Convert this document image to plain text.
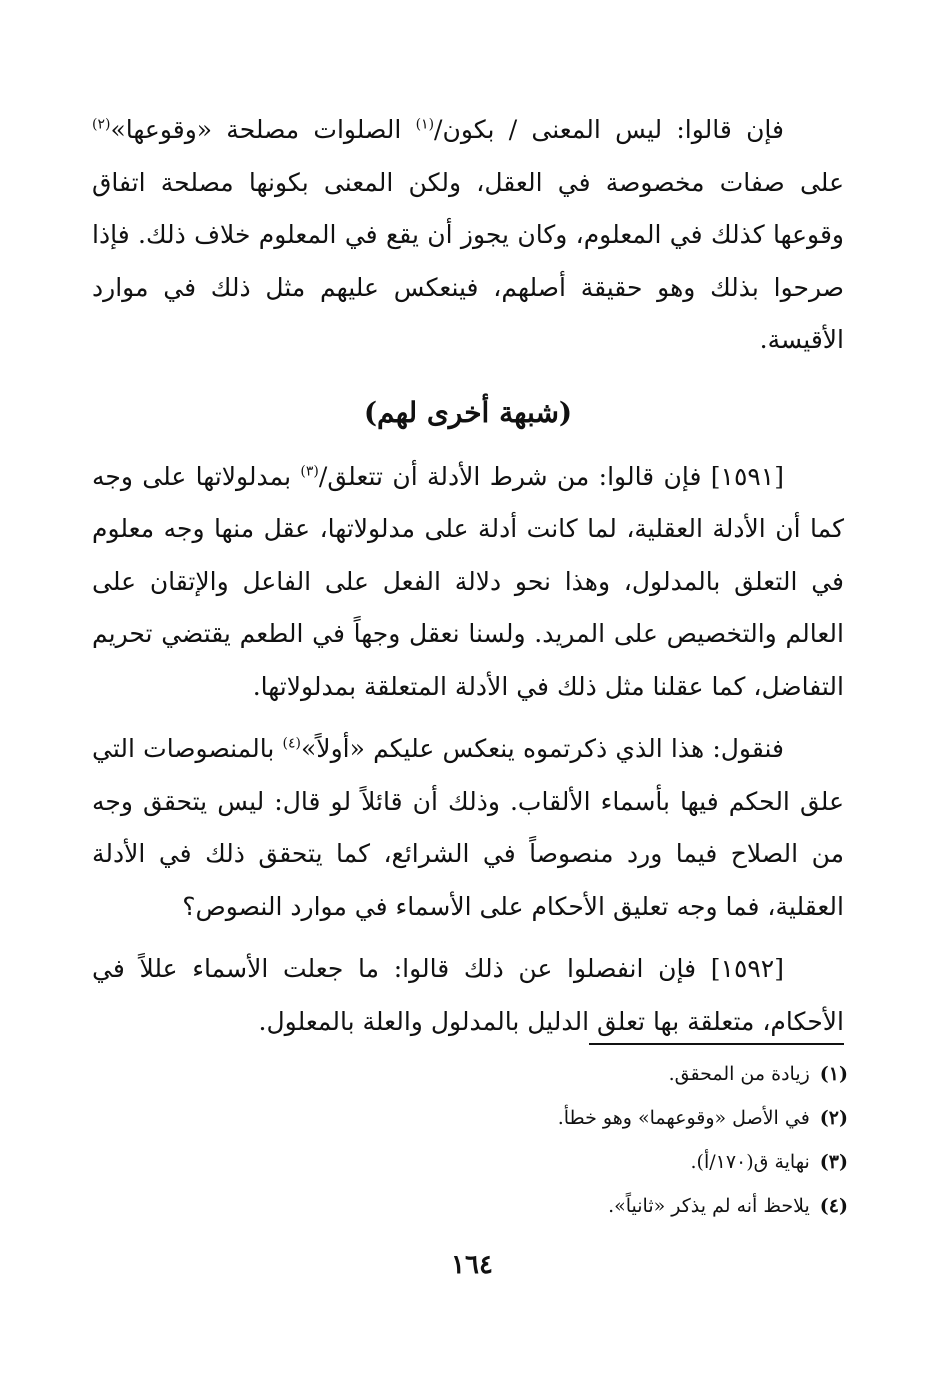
فإن قالوا: ليس المعنى / بكون/$^{(١)}$ الصلوات مصلحة «وقوعها»$^{(٢)}$ على صفات مخصوصة في العقل، ولكن المعنى بكونها مصلحة اتفاق وقوعها كذلك في المعلوم، وكان يجوز أن يقع في المعلوم خلاف ذلك. فإذا صرحوا بذلك وهو حقيقة أصلهم، فينعكس عليهم مثل ذلك في موارد الأقيسة.

(شبهة أخرى لهم)

[١٥٩١] فإن قالوا: من شرط الأدلة أن تتعلق/$^{(٣)}$ بمدلولاتها على وجه كما أن الأدلة العقلية، لما كانت أدلة على مدلولاتها، عقل منها وجه معلوم في التعلق بالمدلول، وهذا نحو دلالة الفعل على الفاعل والإتقان على العالم والتخصيص على المريد. ولسنا نعقل وجهاً في الطعم يقتضي تحريم التفاضل، كما عقلنا مثل ذلك في الأدلة المتعلقة بمدلولاتها.

فنقول: هذا الذي ذكرتموه ينعكس عليكم «أولاً»$^{(٤)}$ بالمنصوصات التي علق الحكم فيها بأسماء الألقاب. وذلك أن قائلاً لو قال: ليس يتحقق وجه من الصلاح فيما ورد منصوصاً في الشرائع، كما يتحقق ذلك في الأدلة العقلية، فما وجه تعليق الأحكام على الأسماء في موارد النصوص؟

[١٥٩٢] فإن انفصلوا عن ذلك قالوا: ما جعلت الأسماء عللاً في الأحكام، متعلقة بها تعلق الدليل بالمدلول والعلة بالمعلول.

(١)زيادة من المحقق.

(٢)في الأصل «وقوعهما» وهو خطأ.

(٣)نهاية ق(١٧٠/أ).

(٤)يلاحظ أنه لم يذكر «ثانياً».

١٦٤
